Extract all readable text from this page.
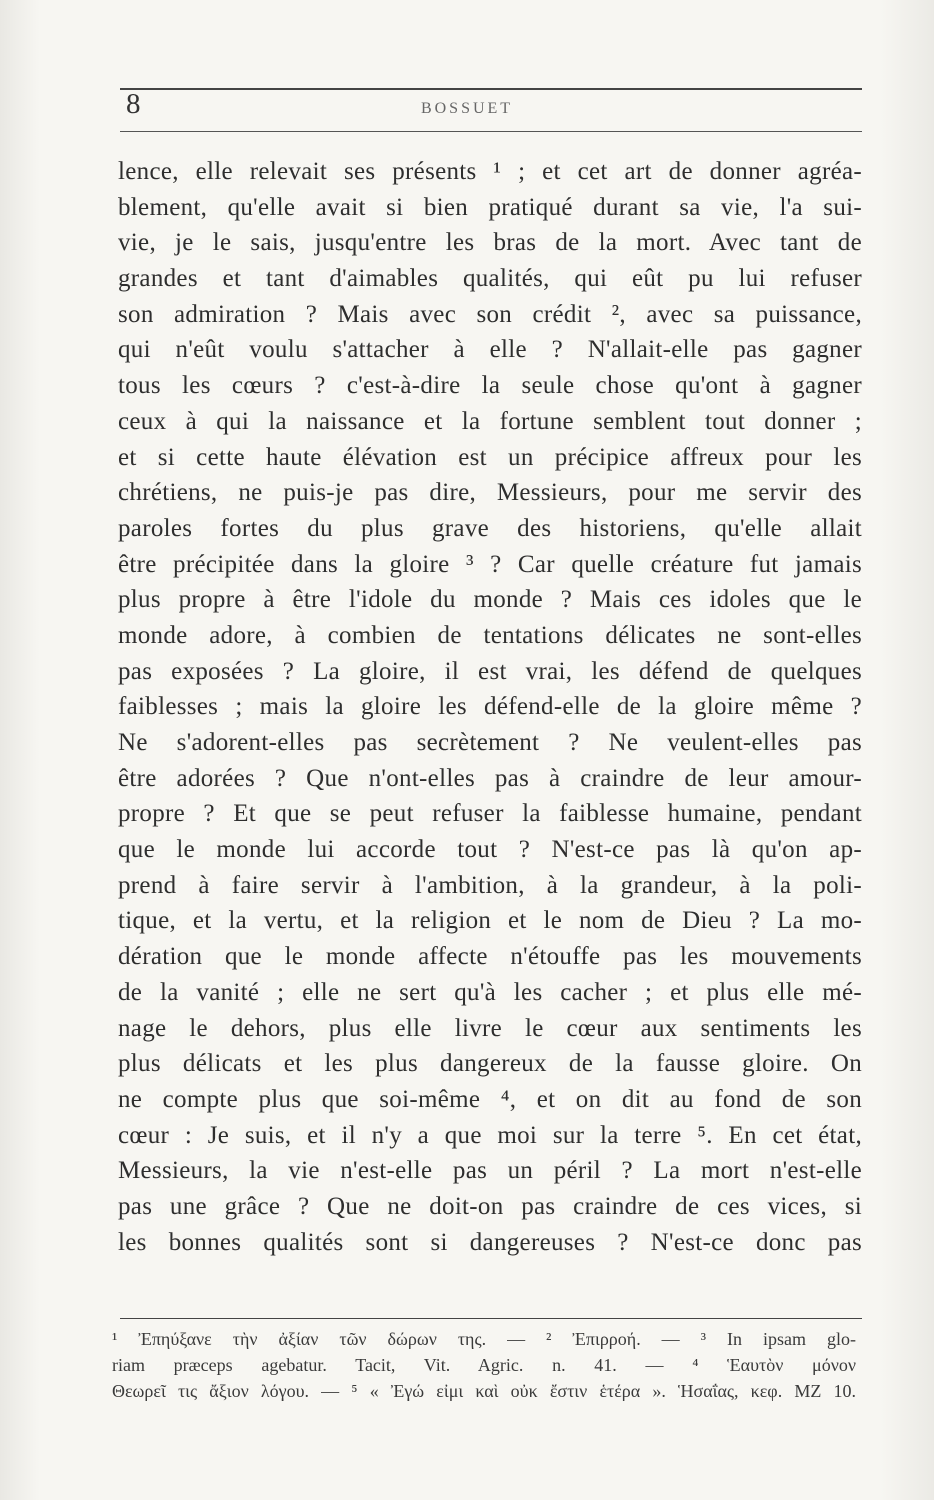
8	BOSSUET
lence, elle relevait ses présents ¹ ; et cet art de donner agréa-
blement, qu'elle avait si bien pratiqué durant sa vie, l'a sui-
vie, je le sais, jusqu'entre les bras de la mort. Avec tant de
grandes et tant d'aimables qualités, qui eût pu lui refuser
son admiration ? Mais avec son crédit ², avec sa puissance,
qui n'eût voulu s'attacher à elle ? N'allait-elle pas gagner
tous les cœurs ? c'est-à-dire la seule chose qu'ont à gagner
ceux à qui la naissance et la fortune semblent tout donner ;
et si cette haute élévation est un précipice affreux pour les
chrétiens, ne puis-je pas dire, Messieurs, pour me servir des
paroles fortes du plus grave des historiens, qu'elle allait
être précipitée dans la gloire ³ ? Car quelle créature fut jamais
plus propre à être l'idole du monde ? Mais ces idoles que le
monde adore, à combien de tentations délicates ne sont-elles
pas exposées ? La gloire, il est vrai, les défend de quelques
faiblesses ; mais la gloire les défend-elle de la gloire même ?
Ne s'adorent-elles pas secrètement ? Ne veulent-elles pas
être adorées ? Que n'ont-elles pas à craindre de leur amour-
propre ? Et que se peut refuser la faiblesse humaine, pendant
que le monde lui accorde tout ? N'est-ce pas là qu'on ap-
prend à faire servir à l'ambition, à la grandeur, à la poli-
tique, et la vertu, et la religion et le nom de Dieu ? La mo-
dération que le monde affecte n'étouffe pas les mouvements
de la vanité ; elle ne sert qu'à les cacher ; et plus elle mé-
nage le dehors, plus elle livre le cœur aux sentiments les
plus délicats et les plus dangereux de la fausse gloire. On
ne compte plus que soi-même ⁴, et on dit au fond de son
cœur : Je suis, et il n'y a que moi sur la terre ⁵. En cet état,
Messieurs, la vie n'est-elle pas un péril ? La mort n'est-elle
pas une grâce ? Que ne doit-on pas craindre de ces vices, si
les bonnes qualités sont si dangereuses ? N'est-ce donc pas
¹ Ἐπηύξανε τὴν ἀξίαν τῶν δώρων της. — ² Ἐπιρροή. — ³ In ipsam glo-
riam præceps agebatur. Tacit, Vit. Agric. n. 41. — ⁴ Ἑαυτὸν μόνον
Θεωρεῖ τις ἄξιον λόγου. — ⁵ « Ἐγώ εἰμι καὶ οὐκ ἔστιν ἑτέρα ». Ἡσαΐας, κεφ. ΜΖ 10.
